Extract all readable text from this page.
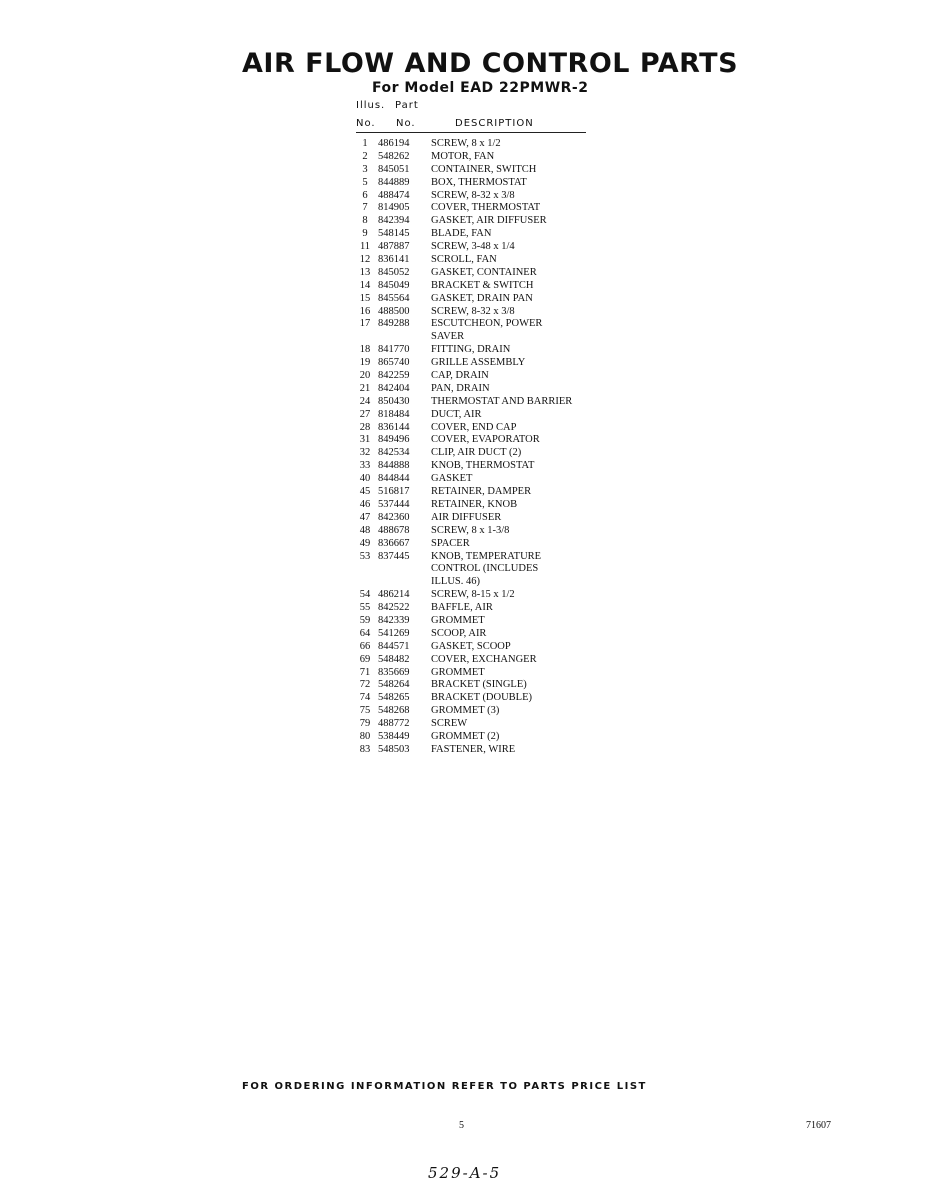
AIR FLOW AND CONTROL PARTS
For Model EAD 22PMWR-2
Illus. Part
No. No.	DESCRIPTION
1 486194	SCREW, 8 x 1/2
2 548262	MOTOR, FAN
3 845051	CONTAINER, SWITCH
5 844889	BOX, THERMOSTAT
6 488474	SCREW, 8-32 x 3/8
7 814905	COVER, THERMOSTAT
8 842394	GASKET, AIR DIFFUSER
9 548145	BLADE, FAN
11 487887	SCREW, 3-48 x 1/4
12 836141	SCROLL, FAN
13 845052	GASKET, CONTAINER
14 845049	BRACKET & SWITCH
15 845564	GASKET, DRAIN PAN
16 488500	SCREW, 8-32 x 3/8
17 849288	ESCUTCHEON, POWER
SAVER
18 841770	FITTING, DRAIN
19 865740	GRILLE ASSEMBLY
20 842259	CAP, DRAIN
21 842404	PAN, DRAIN
24 850430	THERMOSTAT AND BARRIER
27 818484	DUCT, AIR
28 836144	COVER, END CAP
31 849496	COVER, EVAPORATOR
32 842534	CLIP, AIR DUCT (2)
33 844888	KNOB, THERMOSTAT
40 844844	GASKET
45 516817	RETAINER, DAMPER
46 537444	RETAINER, KNOB
47 842360	AIR DIFFUSER
48 488678	SCREW, 8 x 1-3/8
49 836667	SPACER
53 837445	KNOB, TEMPERATURE
CONTROL (INCLUDES
ILLUS. 46)
54 486214	SCREW, 8-15 x 1/2
55 842522	BAFFLE, AIR
59 842339	GROMMET
64 541269	SCOOP, AIR
66 844571	GASKET, SCOOP
69 548482	COVER, EXCHANGER
71 835669	GROMMET
72 548264	BRACKET (SINGLE)
74 548265	BRACKET (DOUBLE)
75 548268	GROMMET (3)
79 488772	SCREW
80 538449	GROMMET (2)
83 548503	FASTENER, WIRE
FOR ORDERING INFORMATION REFER TO PARTS PRICE LIST
5	71607
529-A-5
